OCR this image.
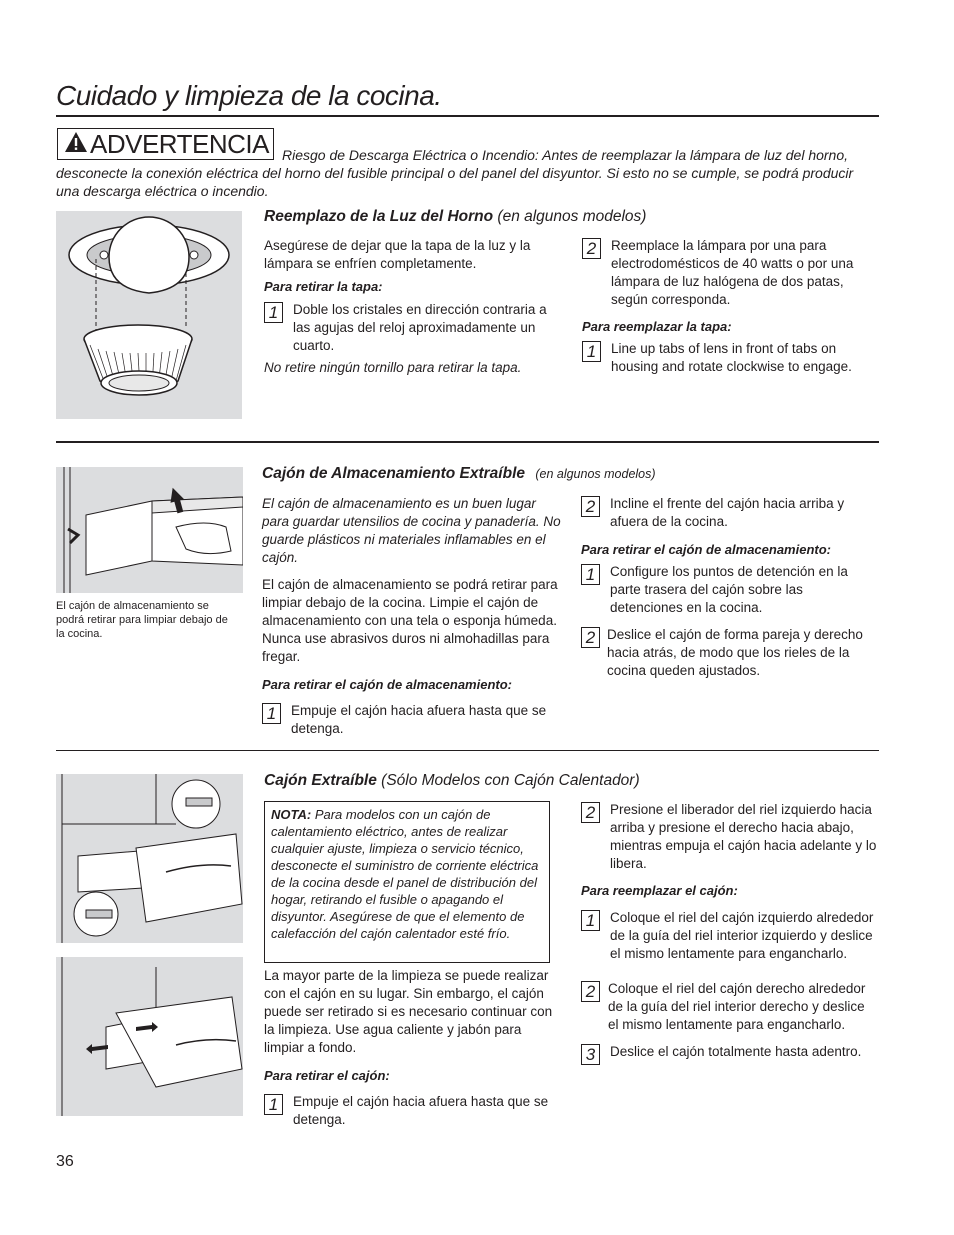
Cuidado y limpieza de la cocina.
ADVERTENCIA Riesgo de Descarga Eléctrica o Incendio: Antes de reemplazar la lámpara de luz del horno, desconecte la conexión eléctrica del horno del fusible principal o del panel del disyuntor. Si esto no se cumple, se podrá producir una descarga eléctrica o incendio.

Reemplazo de la Luz del Horno (en algunos modelos)

Asegúrese de dejar que la tapa de la luz y la lámpara se enfríen completamente.

Para retirar la tapa:

1	Doble los cristales en dirección contraria a las agujas del reloj aproximadamente un cuarto.

No retire ningún tornillo para retirar la tapa.

2	Reemplace la lámpara por una para electrodomésticos de 40 watts o por una lámpara de luz halógena de dos patas, según corresponda.

Para reemplazar la tapa:

1	Line up tabs of lens in front of tabs on housing and rotate clockwise to engage.

El cajón de almacenamiento se podrá retirar para limpiar debajo de la cocina.

Cajón de Almacenamiento Extraíble (en algunos modelos)

El cajón de almacenamiento es un buen lugar para guardar utensilios de cocina y panadería. No guarde plásticos ni materiales inflamables en el cajón.

El cajón de almacenamiento se podrá retirar para limpiar debajo de la cocina. Limpie el cajón de almacenamiento con una tela o esponja húmeda. Nunca use abrasivos duros ni almohadillas para fregar.

Para retirar el cajón de almacenamiento:

1	Empuje el cajón hacia afuera hasta que se detenga.
2	Incline el frente del cajón hacia arriba y afuera de la cocina.

Para retirar el cajón de almacenamiento:

1	Configure los puntos de detención en la parte trasera del cajón sobre las detenciones en la cocina.
2 Deslice el cajón de forma pareja y derecho hacia atrás, de modo que los rieles de la cocina queden ajustados.
Cajón Extraíble (Sólo Modelos con Cajón Calentador)

NOTA: Para modelos con un cajón de calentamiento eléctrico, antes de realizar cualquier ajuste, limpieza o servicio técnico, desconecte el suministro de corriente eléctrica de la cocina desde el panel de distribución del hogar, retirando el fusible o apagando el disyuntor. Asegúrese de que el elemento de calefacción del cajón calentador esté frío.

La mayor parte de la limpieza se puede realizar con el cajón en su lugar. Sin embargo, el cajón puede ser retirado si es necesario continuar con la limpieza. Use agua caliente y jabón para limpiar a fondo.

Para retirar el cajón:

1	Empuje el cajón hacia afuera hasta que se detenga.
2	Presione el liberador del riel izquierdo hacia arriba y presione el derecho hacia abajo, mientras empuja el cajón hacia adelante y lo libera.

Para reemplazar el cajón:

1	Coloque el riel del cajón izquierdo alrededor de la guía del riel interior izquierdo y deslice el mismo lentamente para engancharlo.
2 Coloque el riel del cajón derecho alrededor de la guía del riel interior derecho y deslice el mismo lentamente para engancharlo.
3	Deslice el cajón totalmente hasta adentro.
36
